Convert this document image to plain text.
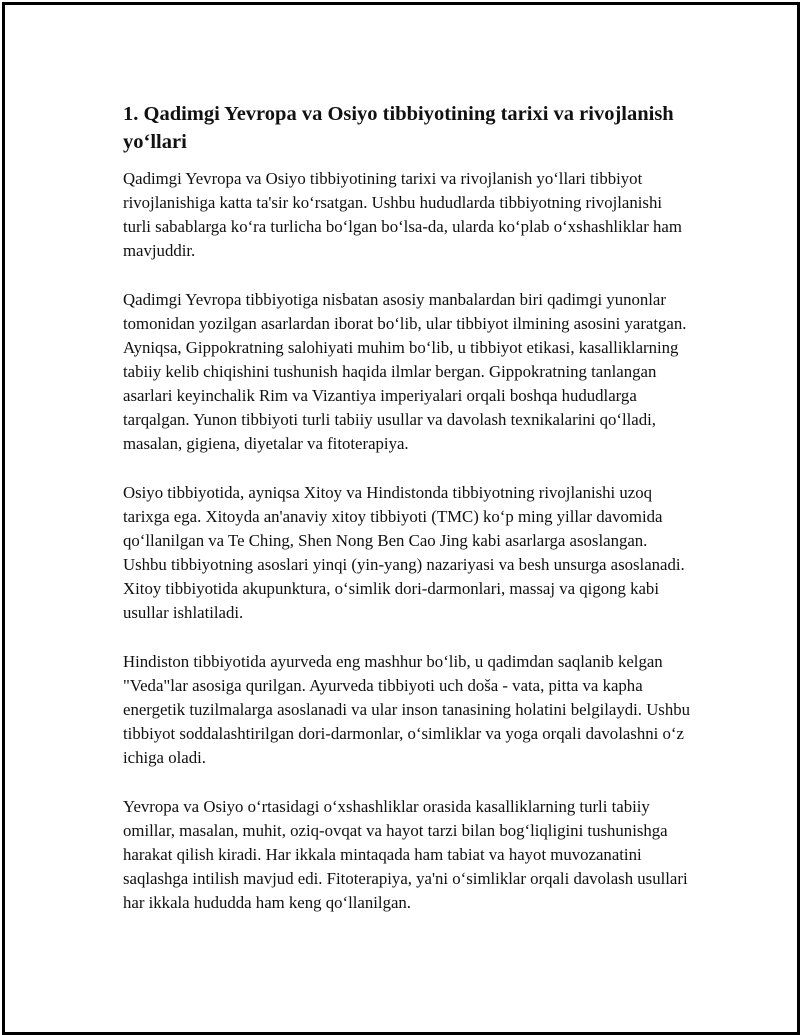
1. Qadimgi Yevropa va Osiyo tibbiyotining tarixi va rivojlanish yo‘llari

Qadimgi Yevropa va Osiyo tibbiyotining tarixi va rivojlanish yo‘llari tibbiyot rivojlanishiga katta ta'sir ko‘rsatgan. Ushbu hududlarda tibbiyotning rivojlanishi turli sabablarga ko‘ra turlicha bo‘lgan bo‘lsa-da, ularda ko‘plab o‘xshashliklar ham mavjuddir.

Qadimgi Yevropa tibbiyotiga nisbatan asosiy manbalardan biri qadimgi yunonlar tomonidan yozilgan asarlardan iborat bo‘lib, ular tibbiyot ilmining asosini yaratgan. Ayniqsa, Gippokratning salohiyati muhim bo‘lib, u tibbiyot etikasi, kasalliklarning tabiiy kelib chiqishini tushunish haqida ilmlar bergan. Gippokratning tanlangan asarlari keyinchalik Rim va Vizantiya imperiyalari orqali boshqa hududlarga tarqalgan. Yunon tibbiyoti turli tabiiy usullar va davolash texnikalarini qo‘lladi, masalan, gigiena, diyetalar va fitoterapiya.

Osiyo tibbiyotida, ayniqsa Xitoy va Hindistonda tibbiyotning rivojlanishi uzoq tarixga ega. Xitoyda an'anaviy xitoy tibbiyoti (TMC) ko‘p ming yillar davomida qo‘llanilgan va Te Ching, Shen Nong Ben Cao Jing kabi asarlarga asoslangan. Ushbu tibbiyotning asoslari yinqi (yin-yang) nazariyasi va besh unsurga asoslanadi. Xitoy tibbiyotida akupunktura, o‘simlik dori-darmonlari, massaj va qigong kabi usullar ishlatiladi.

Hindiston tibbiyotida ayurveda eng mashhur bo‘lib, u qadimdan saqlanib kelgan "Veda"lar asosiga qurilgan. Ayurveda tibbiyoti uch doša - vata, pitta va kapha energetik tuzilmalarga asoslanadi va ular inson tanasining holatini belgilaydi. Ushbu tibbiyot soddalashtirilgan dori-darmonlar, o‘simliklar va yoga orqali davolashni o‘z ichiga oladi.

Yevropa va Osiyo o‘rtasidagi o‘xshashliklar orasida kasalliklarning turli tabiiy omillar, masalan, muhit, oziq-ovqat va hayot tarzi bilan bog‘liqligini tushunishga harakat qilish kiradi. Har ikkala mintaqada ham tabiat va hayot muvozanatini saqlashga intilish mavjud edi. Fitoterapiya, ya'ni o‘simliklar orqali davolash usullari har ikkala hududda ham keng qo‘llanilgan.
